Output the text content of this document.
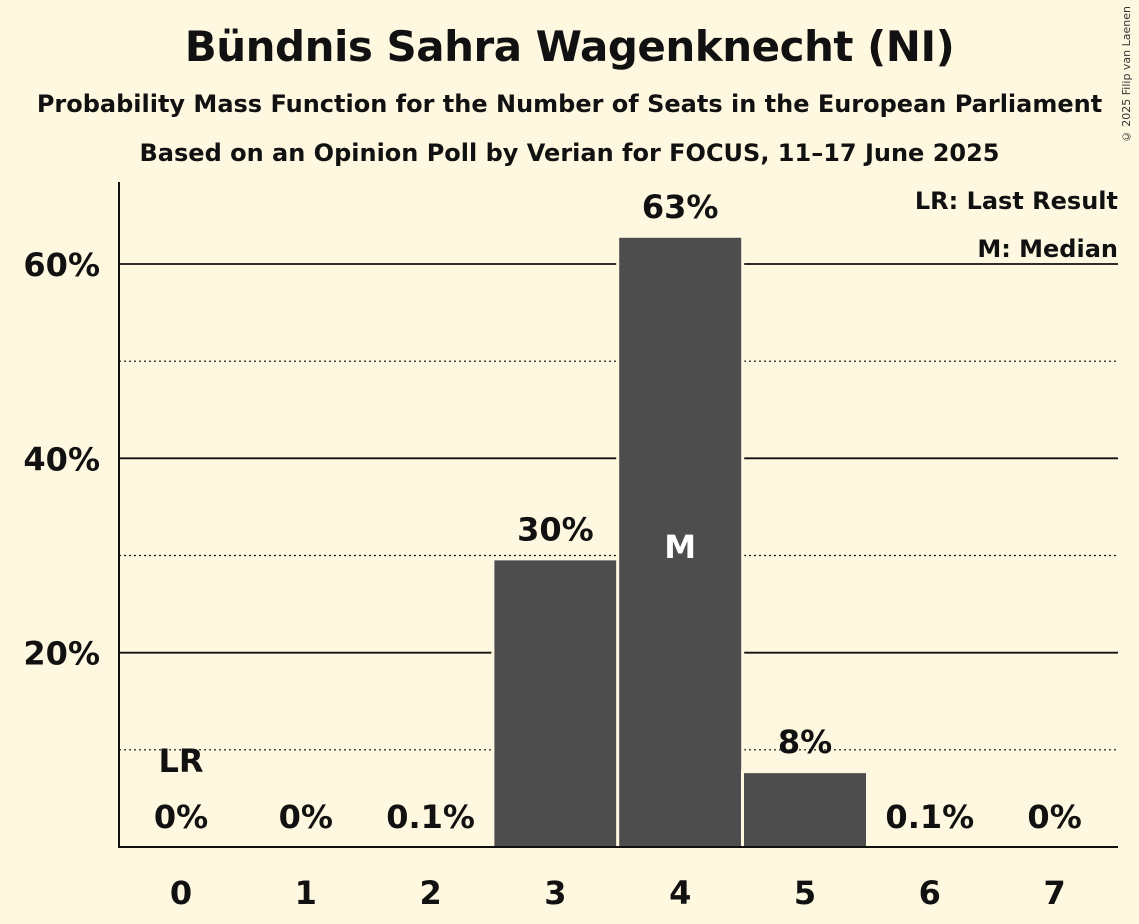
Bündnis Sahra Wagenknecht (NI)
Probability Mass Function for the Number of Seats in the European Parliament
Based on an Opinion Poll by Verian for FOCUS, 11–17 June 2025
© 2025 Filip van Laenen
20%
40%
60%
0	1	2	3	4	5	6	7
0% 0% 0.1%
30%
63%
8%
0.1% 0%
LR
M
LR: Last Result
M: Median
